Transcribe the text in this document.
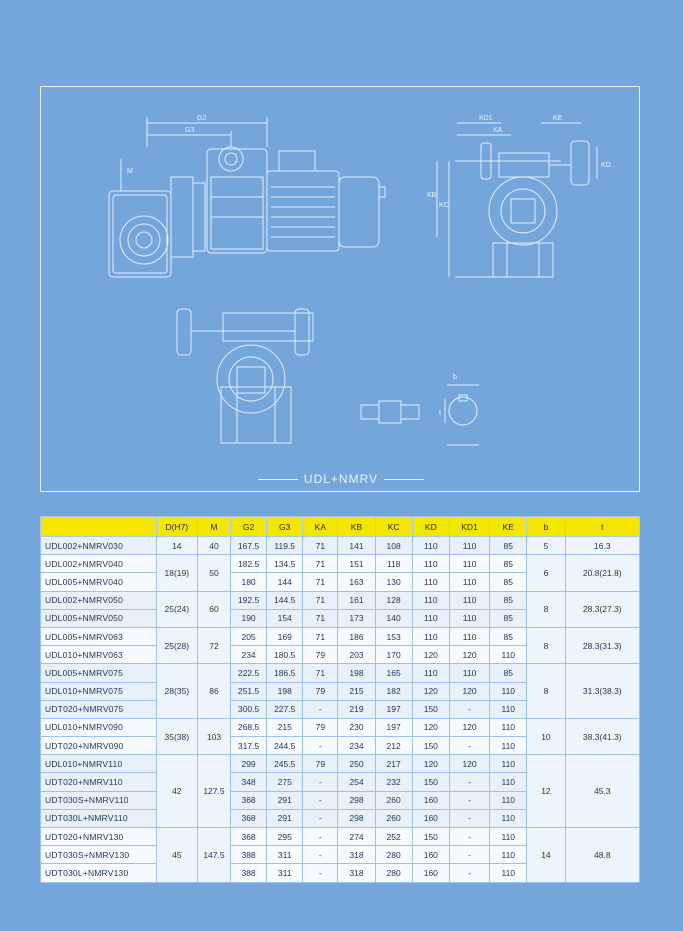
G2
G3
M
KD1
KA
KE
KB
KC
KD
b
t
UDL+NMRV
	D(H7)	M	G2	G3	KA	KB	KC	KD	KD1	KE	b	t
UDL002+NMRV030	14	40	167.5	119.5	71	141	108	110	110	85	5	16.3
UDL002+NMRV040	18(19)	50	182.5	134.5	71	151	118	110	110	85	6	20.8(21.8)
UDL005+NMRV040			180	144	71	163	130	110	110	85		
UDL002+NMRV050	25(24)	60	192.5	144.5	71	161	128	110	110	85	8	28.3(27.3)
UDL005+NMRV050			190	154	71	173	140	110	110	85		
UDL005+NMRV063	25(28)	72	205	169	71	186	153	110	110	85	8	28.3(31.3)
UDL010+NMRV063			234	180.5	79	203	170	120	120	110		
UDL005+NMRV075	28(35)	86	222.5	186.5	71	198	165	110	110	85	8	31.3(38.3)
UDL010+NMRV075			251.5	198	79	215	182	120	120	110		
UDT020+NMRV075			300.5	227.5	-	219	197	150	-	110		
UDL010+NMRV090	35(38)	103	268.5	215	79	230	197	120	120	110	10	38.3(41.3)
UDT020+NMRV090			317.5	244.5	-	234	212	150	-	110		
UDL010+NMRV110	42	127.5	299	245.5	79	250	217	120	120	110	12	45.3
UDT020+NMRV110			348	275	-	254	232	150	-	110		
UDT030S+NMRV110			368	291	-	298	260	160	-	110		
UDT030L+NMRV110			368	291	-	298	260	160	-	110		
UDT020+NMRV130	45	147.5	368	295	-	274	252	150	-	110	14	48.8
UDT030S+NMRV130			388	311	-	318	280	160	-	110		
UDT030L+NMRV130			388	311	-	318	280	160	-	110		
